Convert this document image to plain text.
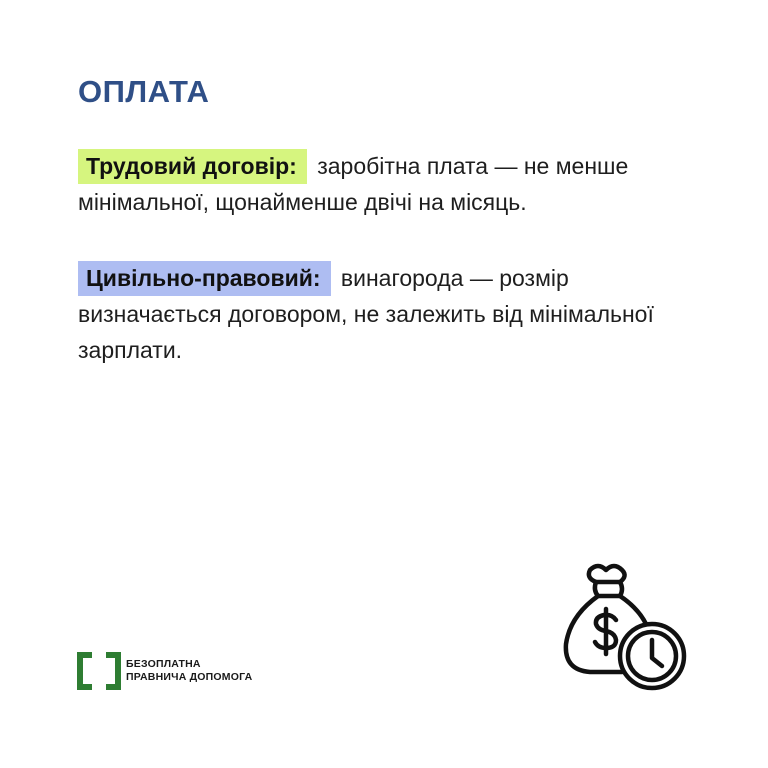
ОПЛАТА

Трудовий договір: заробітна плата — не менше мінімальної, щонайменше двічі на місяць.

Цивільно-правовий: винагорода — розмір визначається договором, не залежить від мінімальної зарплати.

БЕЗОПЛАТНА
ПРАВНИЧА ДОПОМОГА
